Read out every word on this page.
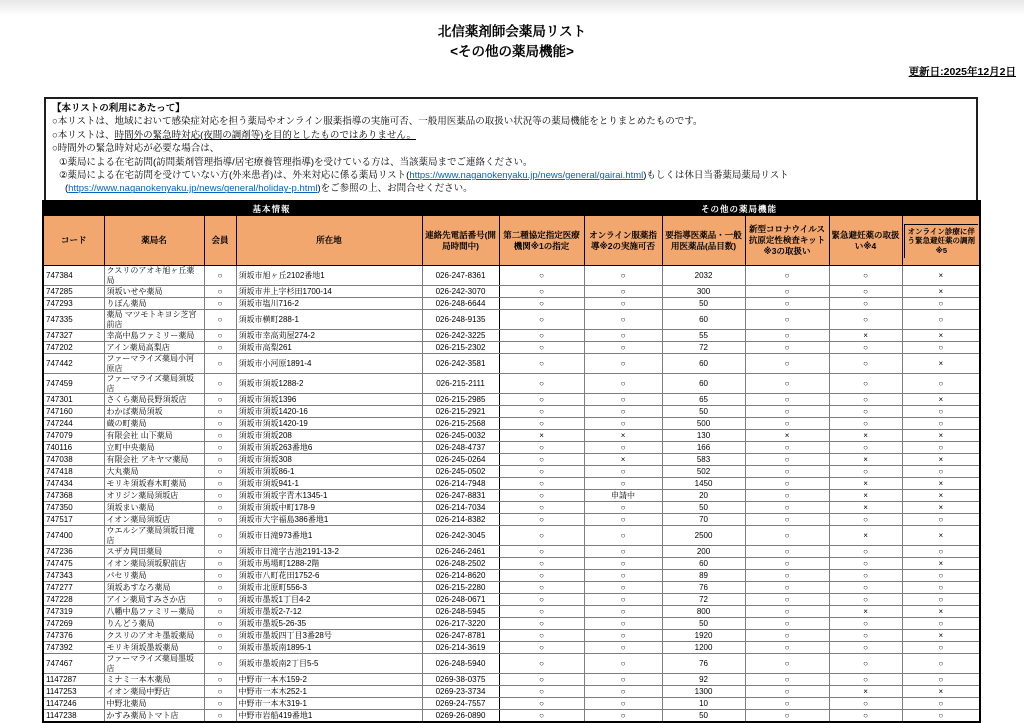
北信薬剤師会薬局リスト
<その他の薬局機能>
更新日:2025年12月2日
【本リストの利用にあたって】
○本リストは、地域において感染症対応を担う薬局やオンライン服薬指導の実施可否、一般用医薬品の取扱い状況等の薬局機能をとりまとめたものです。
○本リストは、時間外の緊急時対応(夜間の調剤等)を目的としたものではありません。
○時間外の緊急時対応が必要な場合は、
①薬局による在宅訪問(訪問薬剤管理指導/居宅療養管理指導)を受けている方は、当該薬局までご連絡ください。
②薬局による在宅訪問を受けていない方(外来患者)は、外来対応に係る薬局リスト(https://www.naganokenyaku.jp/news/general/gairai.html)もしくは休日当番薬局薬局リスト
(https://www.naganokenyaku.jp/news/general/holiday-p.html)をご参照の上、お問合せください。
基本情報					その他の薬局機能					
コード	薬局名	会員	所在地	連絡先電話番号(開局時間中)	第二種協定指定医療機関※1の指定	オンライン服薬指導※2の実施可否	要指導医薬品・一般用医薬品(品目数)	新型コロナウイルス抗原定性検査キット※3の取扱い	緊急避妊薬の取扱い※4	オンライン診療に伴う緊急避妊薬の調剤※5

747384	クスリのアオキ旭ヶ丘薬局	○	須坂市旭ヶ丘2102番地1	026-247-8361	○	○	2032	○	○	×
747285	須坂いせや薬局	○	須坂市井上字杉田1700-14	026-242-3070	○	○	300	○	○	×
747293	りぼん薬局	○	須坂市塩川716-2	026-248-6644	○	○	50	○	○	○
747335	薬局 マツモトキヨシ芝宮前店	○	須坂市横町288-1	026-248-9135	○	○	60	○	○	○
747327	幸高中島ファミリー薬局	○	須坂市幸高苅屋274-2	026-242-3225	○	○	55	○	×	×
747202	アイン薬局高梨店	○	須坂市高梨261	026-215-2302	○	○	72	○	○	○
747442	ファーマライズ薬局小河原店	○	須坂市小河原1891-4	026-242-3581	○	○	60	○	○	×
747459	ファーマライズ薬局須坂店	○	須坂市須坂1288-2	026-215-2111	○	○	60	○	○	○
747301	さくら薬局長野須坂店	○	須坂市須坂1396	026-215-2985	○	○	65	○	○	×
747160	わかば薬局須坂	○	須坂市須坂1420-16	026-215-2921	○	○	50	○	○	○
747244	蔵の町薬局	○	須坂市須坂1420-19	026-215-2568	○	○	500	○	○	○
747079	有限会社 山下薬局	○	須坂市須坂208	026-245-0032	×	×	130	×	×	×
740116	立町中央薬局	○	須坂市須坂263番地6	026-248-4737	○	○	166	○	○	○
747038	有限会社 アキヤマ薬局	○	須坂市須坂308	026-245-0264	○	×	583	○	×	×
747418	大丸薬局	○	須坂市須坂86-1	026-245-0502	○	○	502	○	○	○
747434	モリキ須坂春木町薬局	○	須坂市須坂941-1	026-214-7948	○	○	1450	○	×	×
747368	オリジン薬局須坂店	○	須坂市須坂字青木1345-1	026-247-8831	○	申請中	20	○	×	×
747350	須坂まい薬局	○	須坂市須坂中町178-9	026-214-7034	○	○	50	○	×	×
747517	イオン薬局須坂店	○	須坂市大字福島386番地1	026-214-8382	○	○	70	○	○	○
747400	ウエルシア薬局須坂日滝店	○	須坂市日滝973番地1	026-242-3045	○	○	2500	○	×	×
747236	スザカ岡田薬局	○	須坂市日滝字古池2191-13-2	026-246-2461	○	○	200	○	○	○
747475	イオン薬局須坂駅前店	○	須坂市馬場町1288-2階	026-248-2502	○	○	60	○	○	×
747343	パセリ薬局	○	須坂市八町花田1752-6	026-214-8620	○	○	89	○	○	○
747277	須坂あすなろ薬局	○	須坂市北原町556-3	026-215-2280	○	○	76	○	○	○
747228	アイン薬局すみさか店	○	須坂市墨坂1丁目4-2	026-248-0671	○	○	72	○	○	○
747319	八幡中島ファミリー薬局	○	須坂市墨坂2-7-12	026-248-5945	○	○	800	○	×	×
747269	りんどう薬局	○	須坂市墨坂5-26-35	026-217-3220	○	○	50	○	○	○
747376	クスリのアオキ墨坂薬局	○	須坂市墨坂四丁目3番28号	026-247-8781	○	○	1920	○	○	×
747392	モリキ須坂墨坂薬局	○	須坂市墨坂南1895-1	026-214-3619	○	○	1200	○	○	○
747467	ファーマライズ薬局墨坂店	○	須坂市墨坂南2丁目5-5	026-248-5940	○	○	76	○	○	○
1147287	ミナミ一本木薬局	○	中野市一本木159-2	0269-38-0375	○	○	92	○	○	○
1147253	イオン薬局中野店	○	中野市一本木252-1	0269-23-3734	○	○	1300	○	×	×
1147246	中野北薬局	○	中野市一本木319-1	0269-24-7557	○	○	10	○	○	○
1147238	かすみ薬局トマト店	○	中野市岩船419番地1	0269-26-0890	○	○	50	○	○	○
